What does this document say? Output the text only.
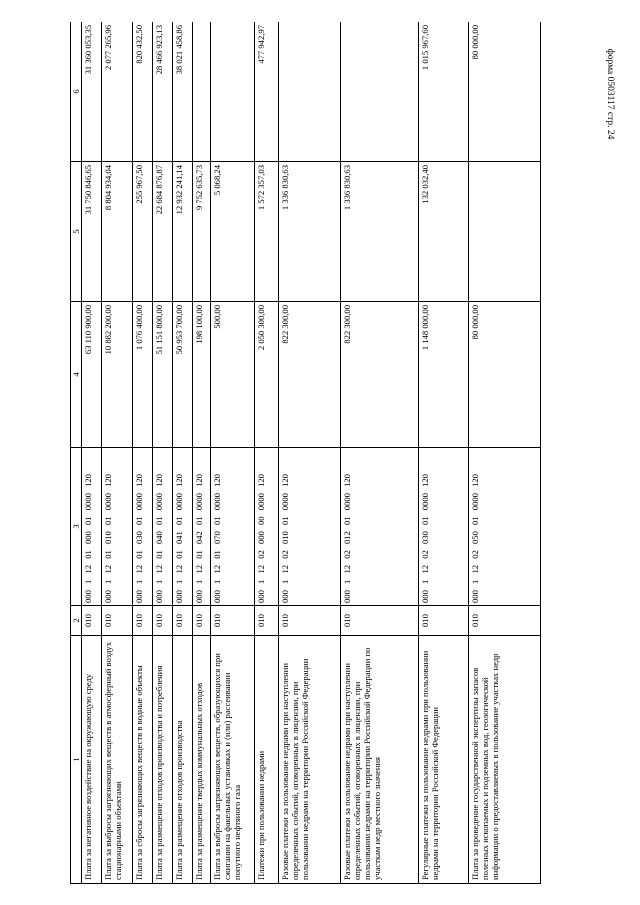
форма 0503117 стр. 24
1	2	3	4	5	6
Плата за негативное воздействие на окружающую среду	010	000 1 12 01 000 01 0000 120	63 110 900,00	31 750 846,65	31 360 053,35
Плата за выбросы загрязняющих веществ в атмосферный воздух стационарными объектами	010	000 1 12 01 010 01 0000 120	10 882 200,00	8 804 934,04	2 077 265,96
Плата за сбросы загрязняющих веществ в водные объекты	010	000 1 12 01 030 01 0000 120	1 076 400,00	255 967,50	820 432,50
Плата за размещение отходов производства и потребления	010	000 1 12 01 040 01 0000 120	51 151 800,00	22 684 876,87	28 466 923,13
Плата за размещение отходов производства	010	000 1 12 01 041 01 0000 120	50 953 700,00	12 932 241,14	38 021 458,86
Плата за размещение твердых коммунальных отходов	010	000 1 12 01 042 01 0000 120	198 100,00	9 752 635,73	
Плата за выбросы загрязняющих веществ, образующихся при сжигании на факельных установках и (или) рассеивании попутного нефтяного газа	010	000 1 12 01 070 01 0000 120	500,00	5 068,24	
Платежи при пользовании недрами	010	000 1 12 02 000 00 0000 120	2 050 300,00	1 572 357,03	477 942,97
Разовые платежи за пользование недрами при наступлении определенных событий, оговоренных в лицензии, при пользовании недрами на территории Российской Федерации	010	000 1 12 02 010 01 0000 120	822 300,00	1 336 830,63	
Разовые платежи за пользование недрами при наступлении определенных событий, оговоренных в лицензии, при пользовании недрами на территории Российской Федерации по участкам недр местного значения	010	000 1 12 02 012 01 0000 120	822 300,00	1 336 830,63	
Регулярные платежи за пользование недрами при пользовании недрами на территории Российской Федерации	010	000 1 12 02 030 01 0000 120	1 148 000,00	132 032,40	1 015 967,60
Плата за проведение государственной экспертизы запасов полезных ископаемых и подземных вод, геологической информации о предоставляемых в пользование участках недр	010	000 1 12 02 050 01 0000 120	80 000,00		80 000,00
